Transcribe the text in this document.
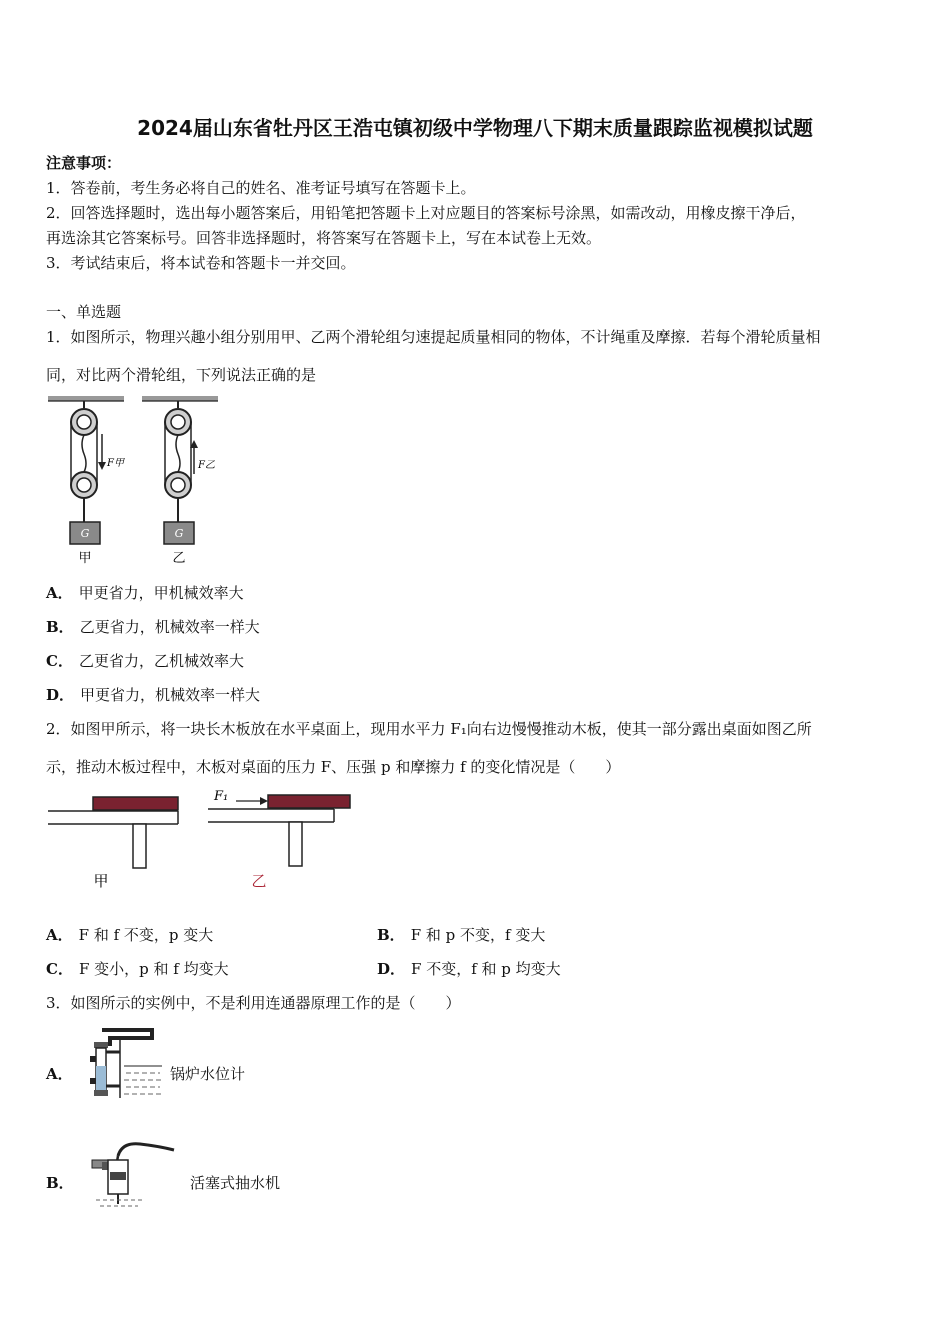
2024届山东省牡丹区王浩屯镇初级中学物理八下期末质量跟踪监视模拟试题
注意事项：
1．答卷前，考生务必将自己的姓名、准考证号填写在答题卡上。
2．回答选择题时，选出每小题答案后，用铅笔把答题卡上对应题目的答案标号涂黑，如需改动，用橡皮擦干净后，
再选涂其它答案标号。回答非选择题时，将答案写在答题卡上，写在本试卷上无效。
3．考试结束后，将本试卷和答题卡一并交回。
一、单选题
1．如图所示，物理兴趣小组分别用甲、乙两个滑轮组匀速提起质量相同的物体，不计绳重及摩擦．若每个滑轮质量相
同，对比两个滑轮组，下列说法正确的是
F甲
G
甲
F乙
G
乙
A． 甲更省力，甲机械效率大
B． 乙更省力，机械效率一样大
C． 乙更省力，乙机械效率大
D． 甲更省力，机械效率一样大
2．如图甲所示，将一块长木板放在水平桌面上，现用水平力 F₁向右边慢慢推动木板，使其一部分露出桌面如图乙所
示，推动木板过程中，木板对桌面的压力 F、压强 p 和摩擦力 f 的变化情况是（　　）
甲
F₁
乙
A． F 和 f 不变，p 变大	B． F 和 p 不变，f 变大
C． F 变小，p 和 f 均变大	D． F 不变，f 和 p 均变大
3．如图所示的实例中，不是利用连通器原理工作的是（　　）
A．	锅炉水位计
B．	活塞式抽水机
